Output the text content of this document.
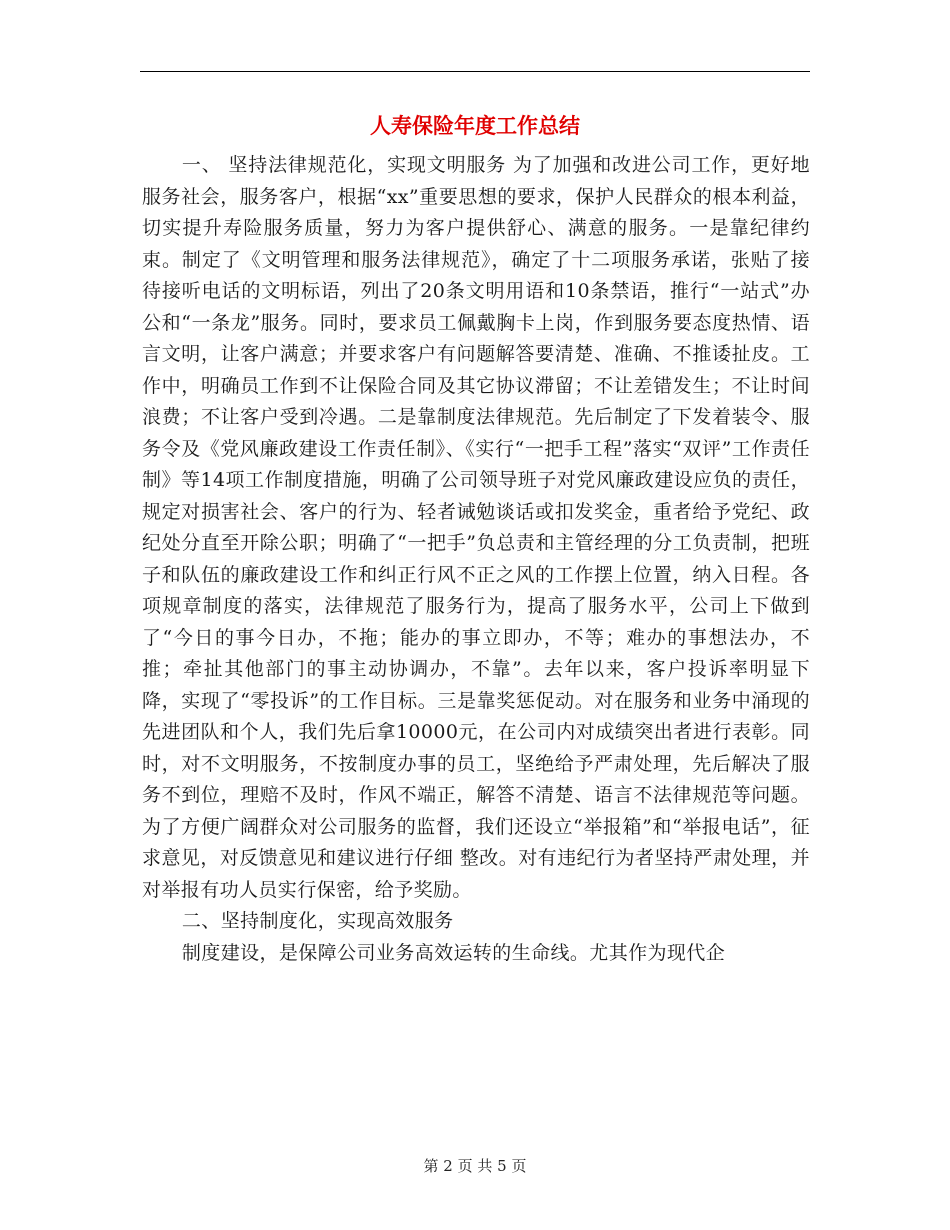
人寿保险年度工作总结

一、 坚持法律规范化，实现文明服务 为了加强和改进公司工作，更好地服务社会，服务客户，根据“xx”重要思想的要求，保护人民群众的根本利益，切实提升寿险服务质量，努力为客户提供舒心、满意的服务。一是靠纪律约束。制定了《文明管理和服务法律规范》，确定了十二项服务承诺，张贴了接待接听电话的文明标语，列出了20条文明用语和10条禁语，推行“一站式”办公和“一条龙”服务。同时，要求员工佩戴胸卡上岗，作到服务要态度热情、语言文明，让客户满意；并要求客户有问题解答要清楚、准确、不推诿扯皮。工作中，明确员工作到不让保险合同及其它协议滞留；不让差错发生；不让时间浪费；不让客户受到冷遇。二是靠制度法律规范。先后制定了下发着装令、服务令及《党风廉政建设工作责任制》、《实行“一把手工程”落实“双评”工作责任制》等14项工作制度措施，明确了公司领导班子对党风廉政建设应负的责任，规定对损害社会、客户的行为、轻者诫勉谈话或扣发奖金，重者给予党纪、政纪处分直至开除公职；明确了“一把手”负总责和主管经理的分工负责制，把班子和队伍的廉政建设工作和纠正行风不正之风的工作摆上位置，纳入日程。各项规章制度的落实，法律规范了服务行为，提高了服务水平，公司上下做到了“今日的事今日办，不拖；能办的事立即办，不等；难办的事想法办，不推；牵扯其他部门的事主动协调办，不靠”。去年以来，客户投诉率明显下降，实现了“零投诉”的工作目标。三是靠奖惩促动。对在服务和业务中涌现的先进团队和个人，我们先后拿10000元，在公司内对成绩突出者进行表彰。同时，对不文明服务，不按制度办事的员工，坚绝给予严肃处理，先后解决了服务不到位，理赔不及时，作风不端正，解答不清楚、语言不法律规范等问题。为了方便广阔群众对公司服务的监督，我们还设立“举报箱”和“举报电话”，征求意见，对反馈意见和建议进行仔细 整改。对有违纪行为者坚持严肃处理，并对举报有功人员实行保密，给予奖励。

二、坚持制度化，实现高效服务

制度建设，是保障公司业务高效运转的生命线。尤其作为现代企

第 2 页 共 5 页
